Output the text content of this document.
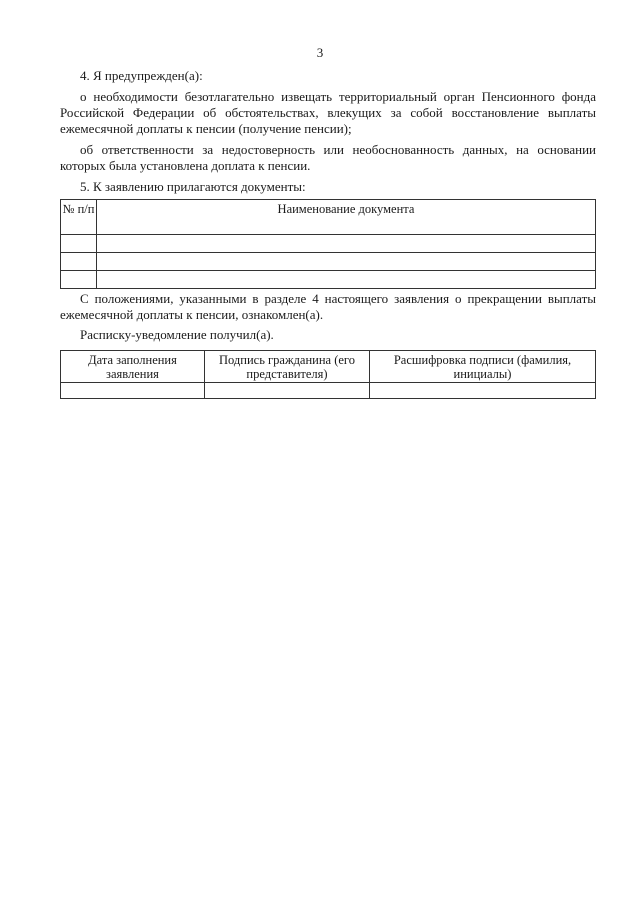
3
4. Я предупрежден(а):
о необходимости безотлагательно извещать территориальный орган Пенсионного фонда Российской Федерации об обстоятельствах, влекущих за собой восстановление выплаты ежемесячной доплаты к пенсии (получение пенсии);
об ответственности за недостоверность или необоснованность данных, на основании которых была установлена доплата к пенсии.
5. К заявлению прилагаются документы:
№ п/п	Наименование документа

С положениями, указанными в разделе 4 настоящего заявления о прекращении выплаты ежемесячной доплаты к пенсии, ознакомлен(а).
Расписку-уведомление получил(а).
Дата заполнения заявления	Подпись гражданина (его представителя)	Расшифровка подписи (фамилия, инициалы)
